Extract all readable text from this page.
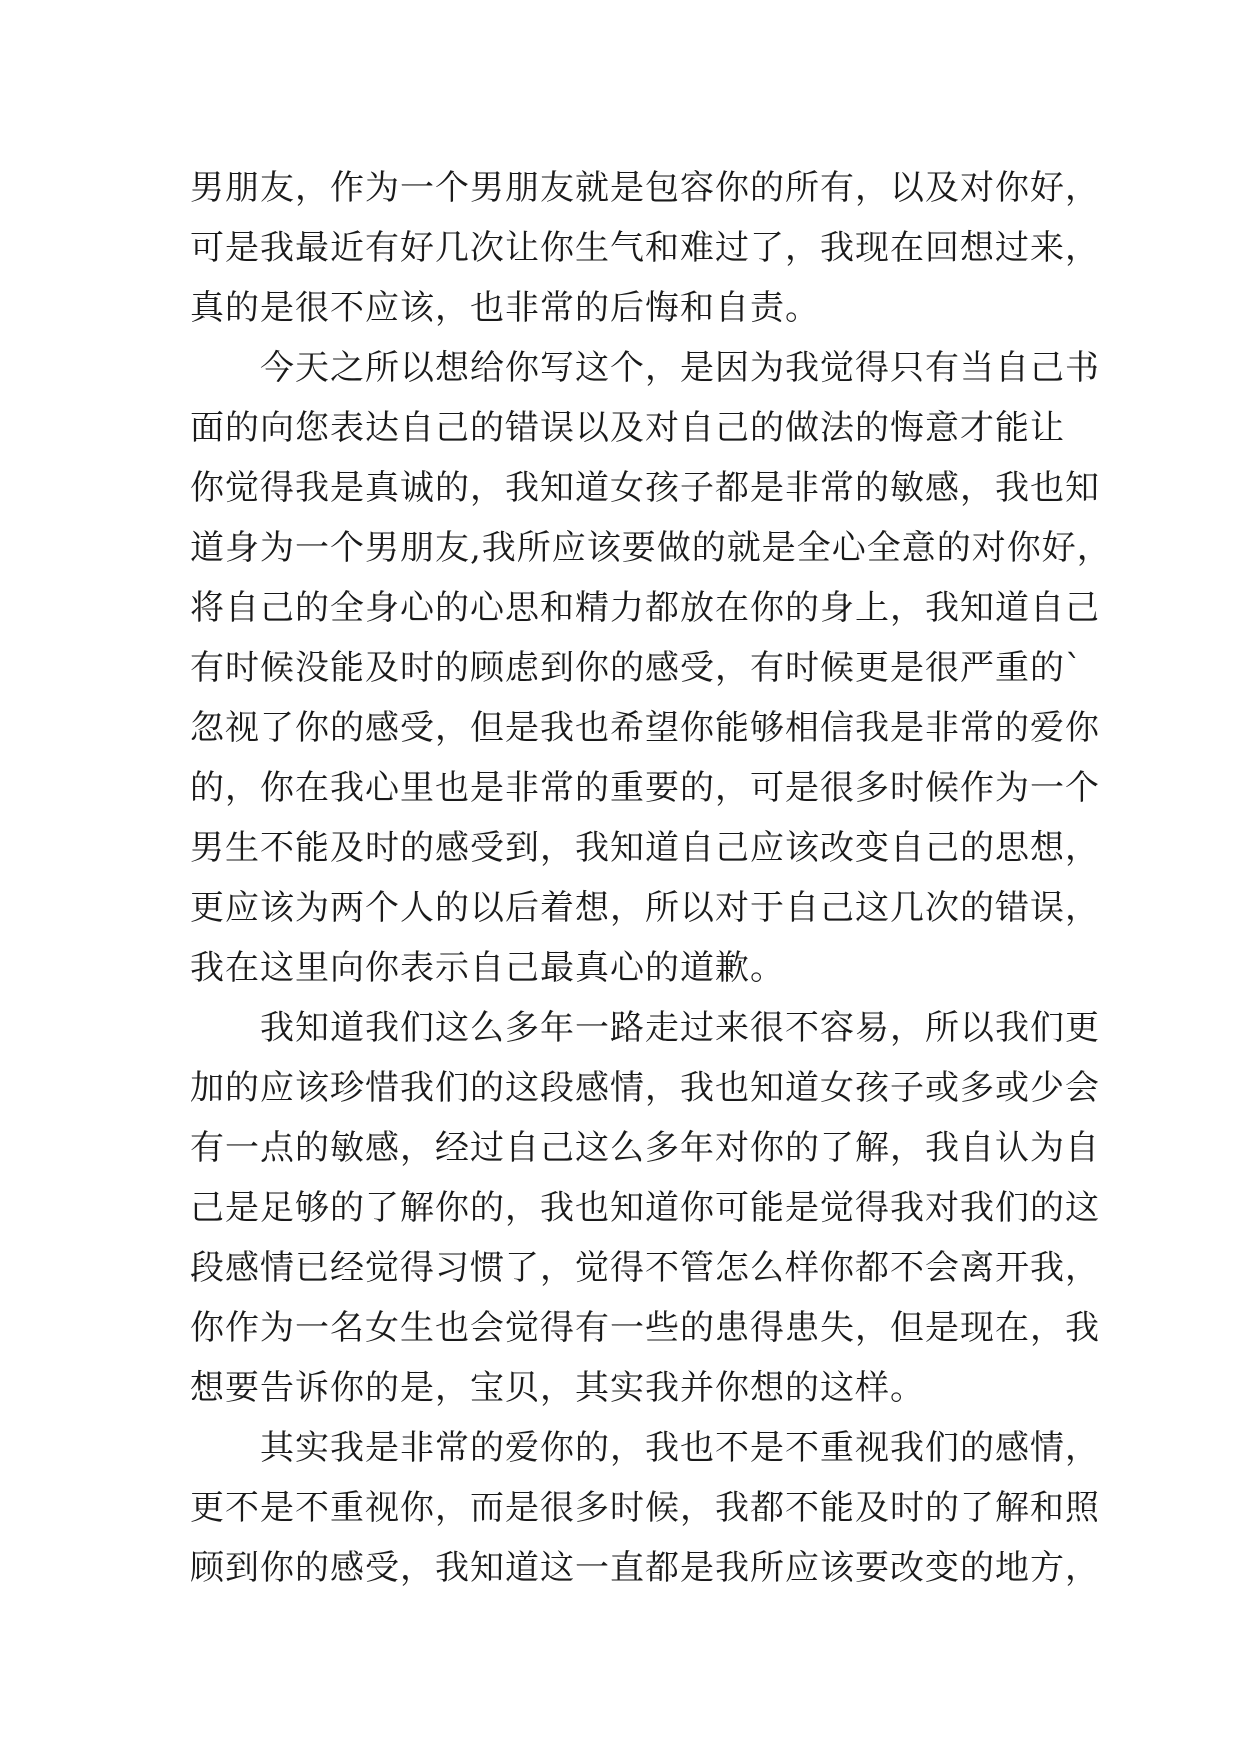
男朋友，作为一个男朋友就是包容你的所有，以及对你好，
可是我最近有好几次让你生气和难过了，我现在回想过来，
真的是很不应该，也非常的后悔和自责。
　　今天之所以想给你写这个，是因为我觉得只有当自己书
面的向您表达自己的错误以及对自己的做法的悔意才能让
你觉得我是真诚的，我知道女孩子都是非常的敏感，我也知
道身为一个男朋友,我所应该要做的就是全心全意的对你好，
将自己的全身心的心思和精力都放在你的身上，我知道自己
有时候没能及时的顾虑到你的感受，有时候更是很严重的`
忽视了你的感受，但是我也希望你能够相信我是非常的爱你
的，你在我心里也是非常的重要的，可是很多时候作为一个
男生不能及时的感受到，我知道自己应该改变自己的思想，
更应该为两个人的以后着想，所以对于自己这几次的错误，
我在这里向你表示自己最真心的道歉。
　　我知道我们这么多年一路走过来很不容易，所以我们更
加的应该珍惜我们的这段感情，我也知道女孩子或多或少会
有一点的敏感，经过自己这么多年对你的了解，我自认为自
己是足够的了解你的，我也知道你可能是觉得我对我们的这
段感情已经觉得习惯了，觉得不管怎么样你都不会离开我，
你作为一名女生也会觉得有一些的患得患失，但是现在，我
想要告诉你的是，宝贝，其实我并你想的这样。
　　其实我是非常的爱你的，我也不是不重视我们的感情，
更不是不重视你，而是很多时候，我都不能及时的了解和照
顾到你的感受，我知道这一直都是我所应该要改变的地方，
